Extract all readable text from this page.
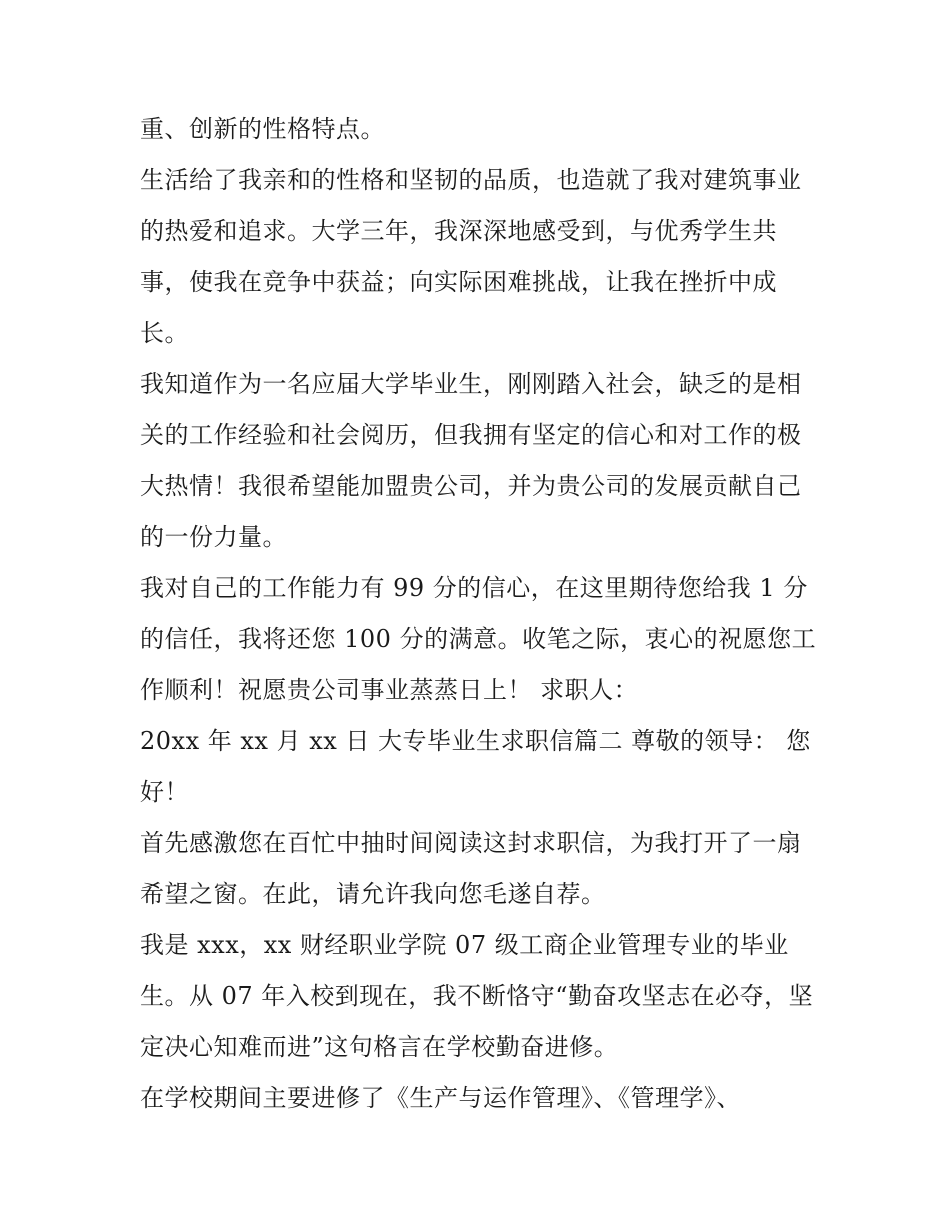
重、创新的性格特点。
生活给了我亲和的性格和坚韧的品质，也造就了我对建筑事业
的热爱和追求。大学三年，我深深地感受到，与优秀学生共
事，使我在竞争中获益；向实际困难挑战，让我在挫折中成
长。
我知道作为一名应届大学毕业生，刚刚踏入社会，缺乏的是相
关的工作经验和社会阅历，但我拥有坚定的信心和对工作的极
大热情！我很希望能加盟贵公司，并为贵公司的发展贡献自己
的一份力量。
我对自己的工作能力有 99 分的信心，在这里期待您给我 1 分
的信任，我将还您 100 分的满意。收笔之际，衷心的祝愿您工
作顺利！祝愿贵公司事业蒸蒸日上！ 求职人：
20xx 年 xx 月 xx 日 大专毕业生求职信篇二 尊敬的领导： 您
好！
首先感激您在百忙中抽时间阅读这封求职信，为我打开了一扇
希望之窗。在此，请允许我向您毛遂自荐。
我是 xxx，xx 财经职业学院 07 级工商企业管理专业的毕业
生。从 07 年入校到现在，我不断恪守“勤奋攻坚志在必夺，坚
定决心知难而进”这句格言在学校勤奋进修。
在学校期间主要进修了《生产与运作管理》、《管理学》、
